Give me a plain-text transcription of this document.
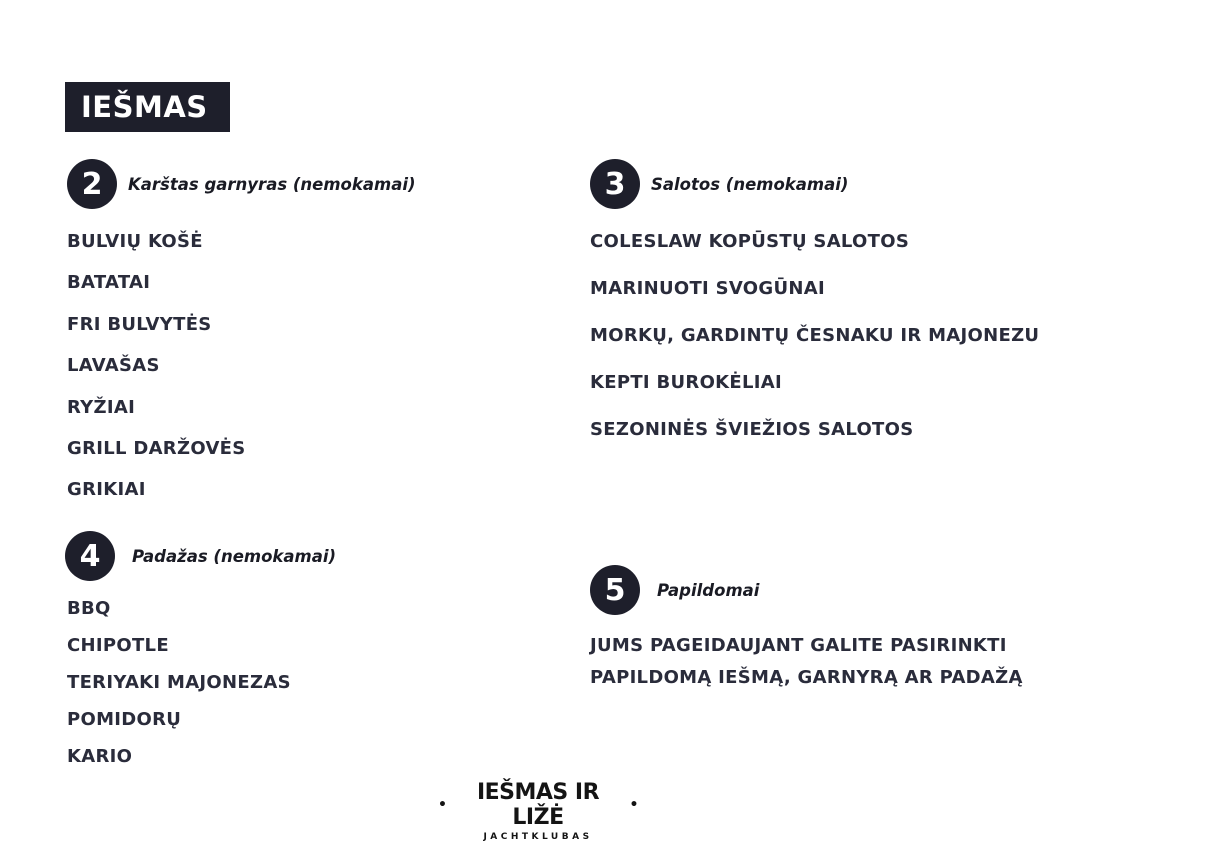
IEŠMAS
2	Karštas garnyras (nemokamai)
BULVIŲ KOŠĖ
BATATAI
FRI BULVYTĖS
LAVAŠAS
RYŽIAI
GRILL DARŽOVĖS
GRIKIAI
3	Salotos (nemokamai)
COLESLAW KOPŪSTŲ SALOTOS
MARINUOTI SVOGŪNAI
MORKŲ, GARDINTŲ ČESNAKU IR MAJONEZU
KEPTI BUROKĖLIAI
SEZONINĖS ŠVIEŽIOS SALOTOS
4	Padažas (nemokamai)
BBQ
CHIPOTLE
TERIYAKI MAJONEZAS
POMIDORŲ
KARIO
5	Papildomai
JUMS PAGEIDAUJANT GALITE PASIRINKTI
PAPILDOMĄ IEŠMĄ, GARNYRĄ AR PADAŽĄ
•	IEŠMAS IR LIŽĖ	•
JACHTKLUBAS
